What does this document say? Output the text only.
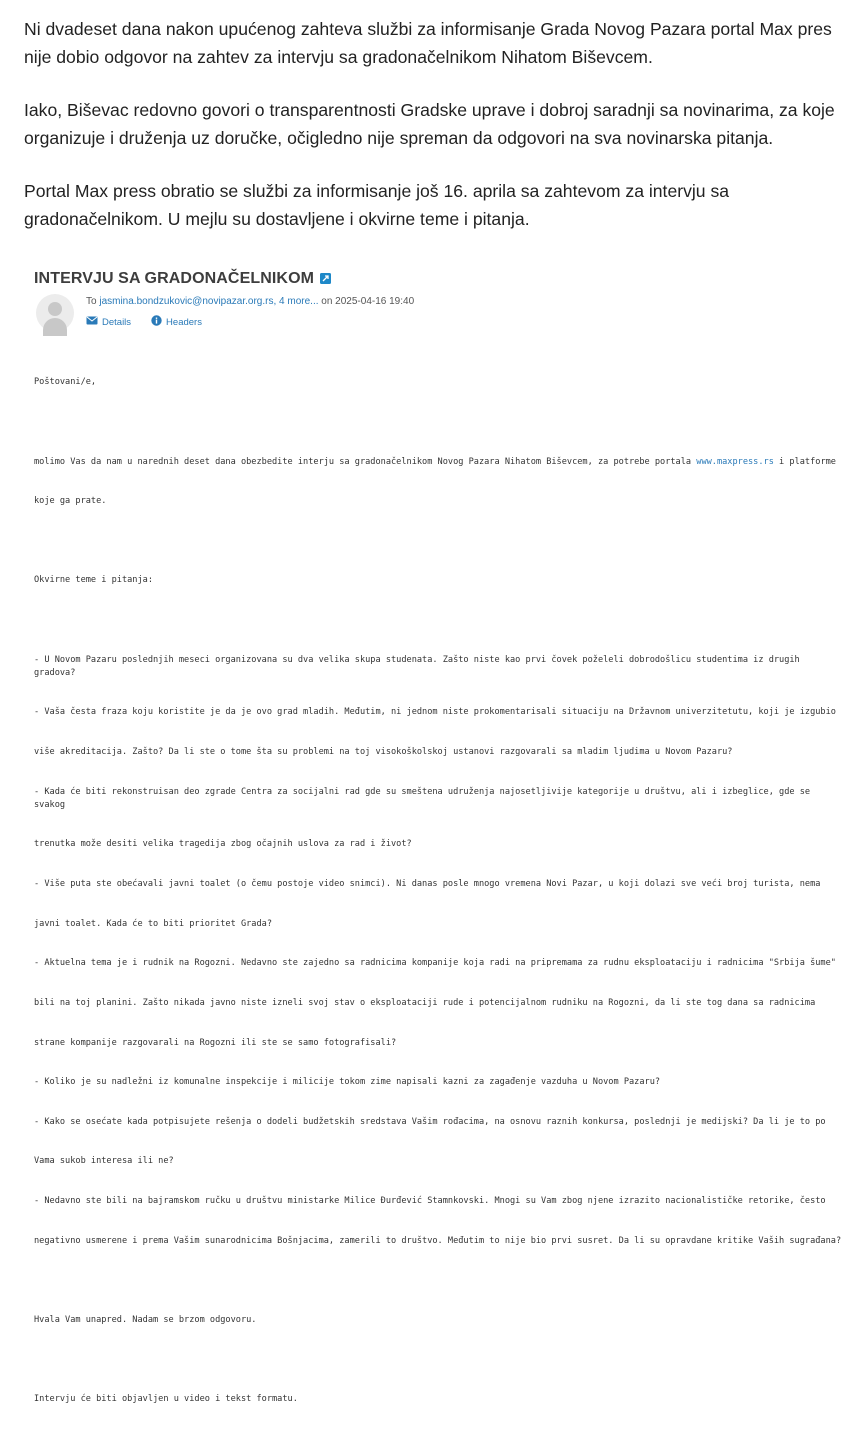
Ni dvadeset dana nakon upućenog zahteva službi za informisanje Grada Novog Pazara portal Max pres nije dobio odgovor na zahtev za intervju sa gradonačelnikom Nihatom Biševcem.

Iako, Biševac redovno govori o transparentnosti Gradske uprave i dobroj saradnji sa novinarima, za koje organizuje i druženja uz doručke, očigledno nije spreman da odgovori na sva novinarska pitanja.

Portal Max press obratio se službi za informisanje još 16. aprila sa zahtevom za intervju sa gradonačelnikom. U mejlu su dostavljene i okvirne teme i pitanja.

INTERVJU SA GRADONAČELNIKOM
To jasmina.bondzukovic@novipazar.org.rs, 4 more... on 2025-04-16 19:40
Details	Headers

Poštovani/e,

molimo Vas da nam u narednih deset dana obezbedite interju sa gradonačelnikom Novog Pazara Nihatom Biševcem, za potrebe portala www.maxpress.rs i platforme

koje ga prate.

Okvirne teme i pitanja:

- U Novom Pazaru poslednjih meseci organizovana su dva velika skupa studenata. Zašto niste kao prvi čovek poželeli dobrodošlicu studentima iz drugih gradova?

- Vaša česta fraza koju koristite je da je ovo grad mladih. Međutim, ni jednom niste prokomentarisali situaciju na Državnom univerzitetutu, koji je izgubio

više akreditacija. Zašto? Da li ste o tome šta su problemi na toj visokoškolskoj ustanovi razgovarali sa mladim ljudima u Novom Pazaru?

- Kada će biti rekonstruisan deo zgrade Centra za socijalni rad gde su smeštena udruženja najosetljivije kategorije u društvu, ali i izbeglice, gde se svakog

trenutka može desiti velika tragedija zbog očajnih uslova za rad i život?

- Više puta ste obećavali javni toalet (o čemu postoje video snimci). Ni danas posle mnogo vremena Novi Pazar, u koji dolazi sve veći broj turista, nema

javni toalet. Kada će to biti prioritet Grada?

- Aktuelna tema je i rudnik na Rogozni. Nedavno ste zajedno sa radnicima kompanije koja radi na pripremama za rudnu eksploataciju i radnicima "Srbija šume"

bili na toj planini. Zašto nikada javno niste izneli svoj stav o eksploataciji rude i potencijalnom rudniku na Rogozni, da li ste tog dana sa radnicima

strane kompanije razgovarali na Rogozni ili ste se samo fotografisali?

- Koliko je su nadležni iz komunalne inspekcije i milicije tokom zime napisali kazni za zagađenje vazduha u Novom Pazaru?

- Kako se osećate kada potpisujete rešenja o dodeli budžetskih sredstava Vašim rođacima, na osnovu raznih konkursa, poslednji je medijski? Da li je to po

Vama sukob interesa ili ne?

- Nedavno ste bili na bajramskom ručku u društvu ministarke Milice Đurđević Stamnkovski. Mnogi su Vam zbog njene izrazito nacionalističke retorike, često

negativno usmerene i prema Vašim sunarodnicima Bošnjacima, zamerili to društvo. Međutim to nije bio prvi susret. Da li su opravdane kritike Vaših sugrađana?

Hvala Vam unapred. Nadam se brzom odgovoru.

Intervju će biti objavljen u video i tekst formatu.
